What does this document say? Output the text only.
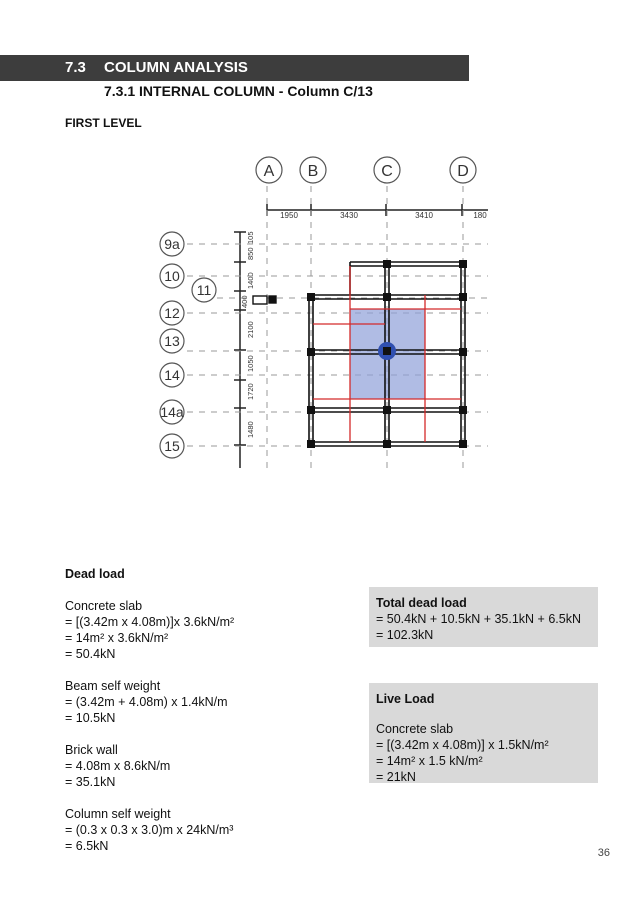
7.3 COLUMN ANALYSIS
7.3.1 INTERNAL COLUMN - Column C/13
FIRST LEVEL
A B	C	D
1950	3430	3410	180
105
850
1400
400
2100
1050
1720
1480
9a
10
11
12
13
14
14a
15
Dead load
Concrete slab
= [(3.42m x 4.08m)]x 3.6kN/m²
= 14m² x 3.6kN/m²
= 50.4kN
Beam self weight
= (3.42m + 4.08m) x 1.4kN/m
= 10.5kN
Brick wall
= 4.08m x 8.6kN/m
= 35.1kN
Column self weight
= (0.3 x 0.3 x 3.0)m x 24kN/m³
= 6.5kN
Total dead load
= 50.4kN + 10.5kN + 35.1kN + 6.5kN
= 102.3kN
Live Load
Concrete slab
= [(3.42m x 4.08m)] x 1.5kN/m²
= 14m² x 1.5 kN/m²
= 21kN
36
